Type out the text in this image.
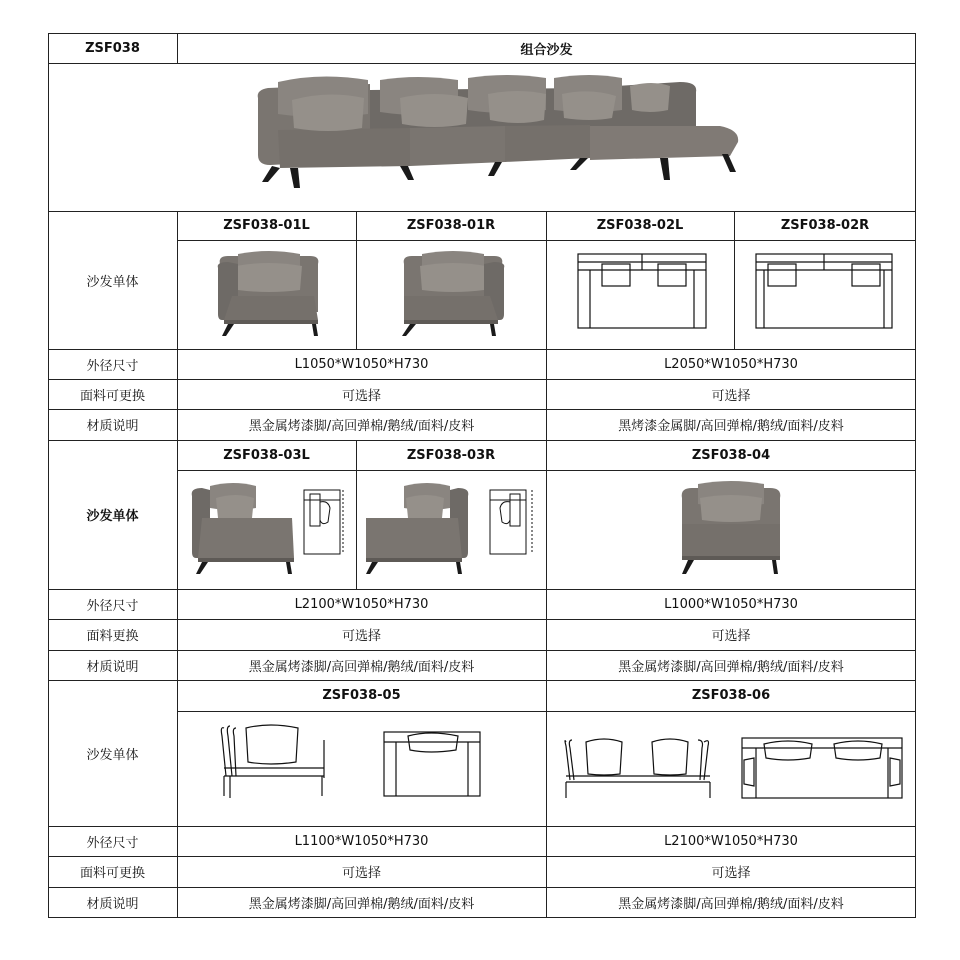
ZSF038	组合沙发
沙发单体
ZSF038-01L	ZSF038-01R	ZSF038-02L	ZSF038-02R
外径尺寸	L1050*W1050*H730	L2050*W1050*H730
面料可更换	可选择	可选择
材质说明	黑金属烤漆脚/高回弹棉/鹅绒/面料/皮料	黑烤漆金属脚/高回弹棉/鹅绒/面料/皮料
沙发单体
ZSF038-03L	ZSF038-03R	ZSF038-04
外径尺寸	L2100*W1050*H730	L1000*W1050*H730
面料更换	可选择	可选择
材质说明	黑金属烤漆脚/高回弹棉/鹅绒/面料/皮料	黑金属烤漆脚/高回弹棉/鹅绒/面料/皮料
沙发单体
ZSF038-05	ZSF038-06
外径尺寸	L1100*W1050*H730	L2100*W1050*H730
面料可更换	可选择	可选择
材质说明	黑金属烤漆脚/高回弹棉/鹅绒/面料/皮料	黑金属烤漆脚/高回弹棉/鹅绒/面料/皮料
